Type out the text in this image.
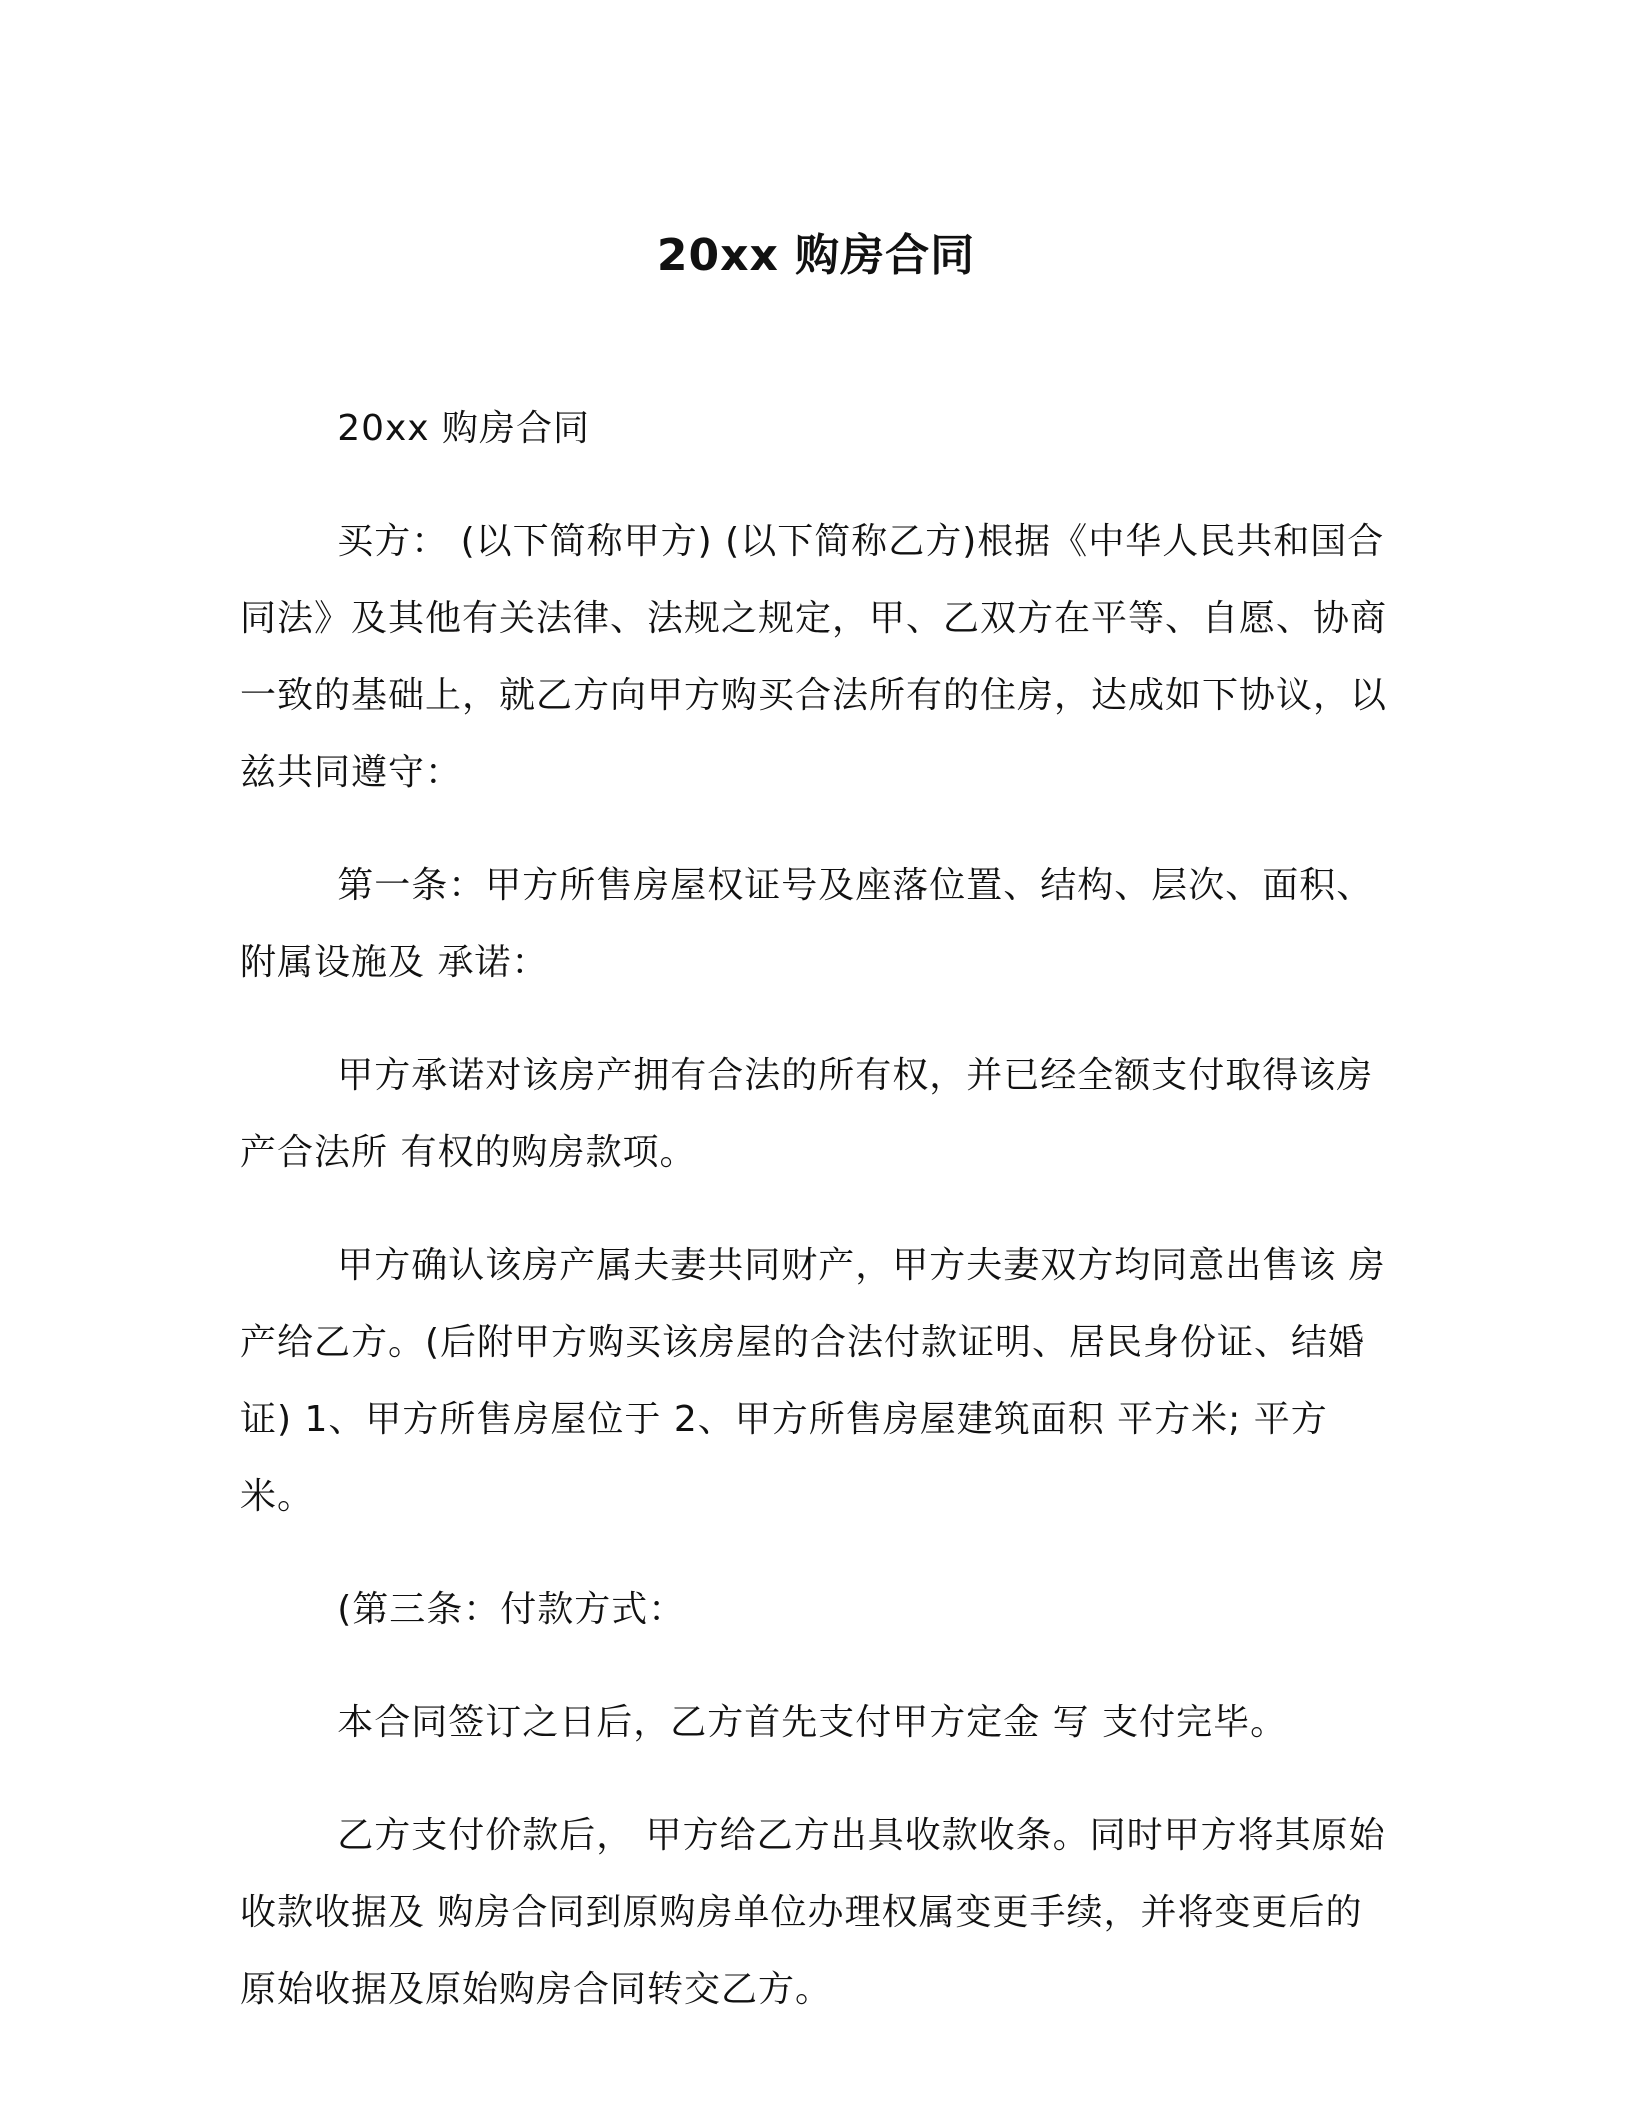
20xx 购房合同

20xx 购房合同

买方： (以下简称甲方) (以下简称乙方)根据《中华人民共和国合同法》及其他有关法律、法规之规定，甲、乙双方在平等、自愿、协商一致的基础上，就乙方向甲方购买合法所有的住房，达成如下协议，以兹共同遵守：

第一条：甲方所售房屋权证号及座落位置、结构、层次、面积、附属设施及 承诺：

甲方承诺对该房产拥有合法的所有权，并已经全额支付取得该房产合法所 有权的购房款项。

甲方确认该房产属夫妻共同财产，甲方夫妻双方均同意出售该 房产给乙方。(后附甲方购买该房屋的合法付款证明、居民身份证、结婚证) 1、甲方所售房屋位于 2、甲方所售房屋建筑面积 平方米; 平方米。

(第三条：付款方式：

本合同签订之日后，乙方首先支付甲方定金 写 支付完毕。

乙方支付价款后， 甲方给乙方出具收款收条。同时甲方将其原始收款收据及 购房合同到原购房单位办理权属变更手续，并将变更后的原始收据及原始购房合同转交乙方。
